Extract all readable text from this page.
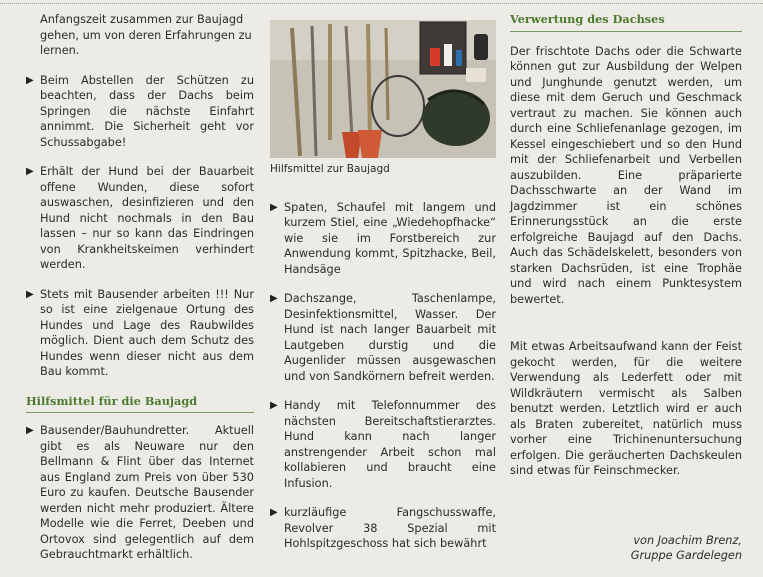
Anfangszeit zusammen zur Baujagd gehen, um von deren Erfahrungen zu lernen.
▶ Beim Abstellen der Schützen zu beachten, dass der Dachs beim Springen die nächste Einfahrt annimmt. Die Sicherheit geht vor Schussabgabe!
▶ Erhält der Hund bei der Bauarbeit offene Wunden, diese sofort auswaschen, desinfizieren und den Hund nicht nochmals in den Bau lassen – nur so kann das Eindringen von Krankheitskeimen verhindert werden.
▶ Stets mit Bausender arbeiten !!! Nur so ist eine zielgenaue Ortung des Hundes und Lage des Raubwildes möglich. Dient auch dem Schutz des Hundes wenn dieser nicht aus dem Bau kommt.
Hilfsmittel für die Baujagd
▶ Bausender/Bauhundretter. Aktuell gibt es als Neuware nur den Bellmann & Flint über das Internet aus England zum Preis von über 530 Euro zu kaufen. Deutsche Bausender werden nicht mehr produziert. Ältere Modelle wie die Ferret, Deeben und Ortovox sind gelegentlich auf dem Gebrauchtmarkt erhältlich.
Hilfsmittel zur Baujagd
▶ Spaten, Schaufel mit langem und kurzem Stiel, eine „Wiedehopfhacke“ wie sie im Forstbereich zur Anwendung kommt, Spitzhacke, Beil, Handsäge
▶ Dachszange, Taschenlampe, Desinfektionsmittel, Wasser. Der Hund ist nach langer Bauarbeit mit Lautgeben durstig und die Augenlider müssen ausgewaschen und von Sandkörnern befreit werden.
▶ Handy mit Telefonnummer des nächsten Bereitschaftstierarztes. Hund kann nach langer anstrengender Arbeit schon mal kollabieren und braucht eine Infusion.
▶ kurzläufige Fangschusswaffe, Revolver 38 Spezial mit Hohlspitzgeschoss hat sich bewährt
Verwertung des Dachses

Der frischtote Dachs oder die Schwarte können gut zur Ausbildung der Welpen und Junghunde genutzt werden, um diese mit dem Geruch und Geschmack vertraut zu machen. Sie können auch durch eine Schliefenanlage gezogen, im Kessel eingeschiebert und so den Hund mit der Schliefenarbeit und Verbellen auszubilden. Eine präparierte Dachsschwarte an der Wand im Jagdzimmer ist ein schönes Erinnerungsstück an die erste erfolgreiche Baujagd auf den Dachs. Auch das Schädelskelett, besonders von starken Dachsrüden, ist eine Trophäe und wird nach einem Punktesystem bewertet.

Mit etwas Arbeitsaufwand kann der Feist gekocht werden, für die weitere Verwendung als Lederfett oder mit Wildkräutern vermischt als Salben benutzt werden. Letztlich wird er auch als Braten zubereitet, natürlich muss vorher eine Trichinenuntersuchung erfolgen. Die geräucherten Dachskeulen sind etwas für Feinschmecker.

von Joachim Brenz,
Gruppe Gardelegen
